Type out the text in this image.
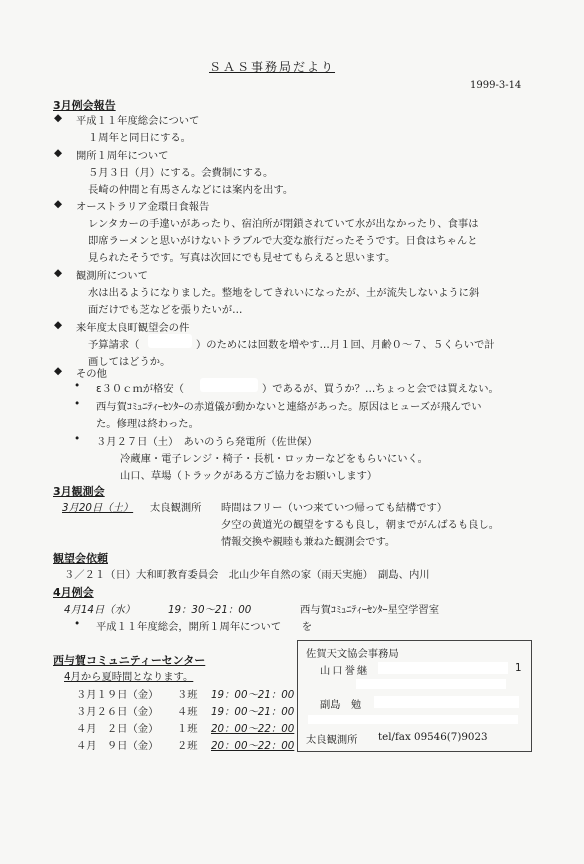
ＳＡＳ事務局だより
1999-3-14
3月例会報告
◆ 平成１１年度総会について
１周年と同日にする。
◆ 開所１周年について
５月３日（月）にする。会費制にする。
長崎の仲間と有馬さんなどには案内を出す。
◆ オーストラリア金環日食報告
レンタカーの手違いがあったり、宿泊所が閉鎖されていて水が出なかったり、食事は
即席ラーメンと思いがけないトラブルで大変な旅行だったそうです。日食はちゃんと
見られたそうです。写真は次回にでも見せてもらえると思います。
◆ 観測所について
水は出るようになりました。整地をしてきれいになったが、土が流失しないように斜
面だけでも芝などを張りたいが…
◆ 来年度太良町観望会の件
予算請求（	）のためには回数を増やす…月１回、月齢０～７、５くらいで計
画してはどうか。
◆ その他
• ε３０ｃｍが格安（	）であるが、買うか？…ちょっと会では買えない。
• 西与賀ｺﾐｭﾆﾃｨｰｾﾝﾀｰの赤道儀が動かないと連絡があった。原因はヒューズが飛んでい
た。修理は終わった。
• ３月２７日（土）　あいのうら発電所（佐世保）
冷蔵庫・電子レンジ・椅子・長机・ロッカーなどをもらいにいく。
山口、草場（トラックがある方ご協力をお願いします）
3月観測会
3月20日（土） 太良観測所 時間はフリー（いつ来ていつ帰っても結構です）
夕空の黄道光の観望をするも良し，朝までがんばるも良し。
情報交換や親睦も兼ねた観測会です。
観望会依頼
３／２１（日）大和町教育委員会　北山少年自然の家（雨天実施）　副島、内川
4月例会
4月14日（水）	19：30～21：00	西与賀ｺﾐｭﾆﾃｨｰｾﾝﾀｰ星空学習室
• 平成１１年度総会，開所１周年について　　を
西与賀コミュニティーセンター
4月から夏時間となります。
３月１９日（金） ３班 19：00～21：00
３月２６日（金） ４班 19：00～21：00
４月　２日（金） １班 20：00～22：00
４月　９日（金） ２班 20：00～22：00
佐賀天文協会事務局
山口誉継	1
副島　勉
太良観測所 tel/fax 09546(7)9023
